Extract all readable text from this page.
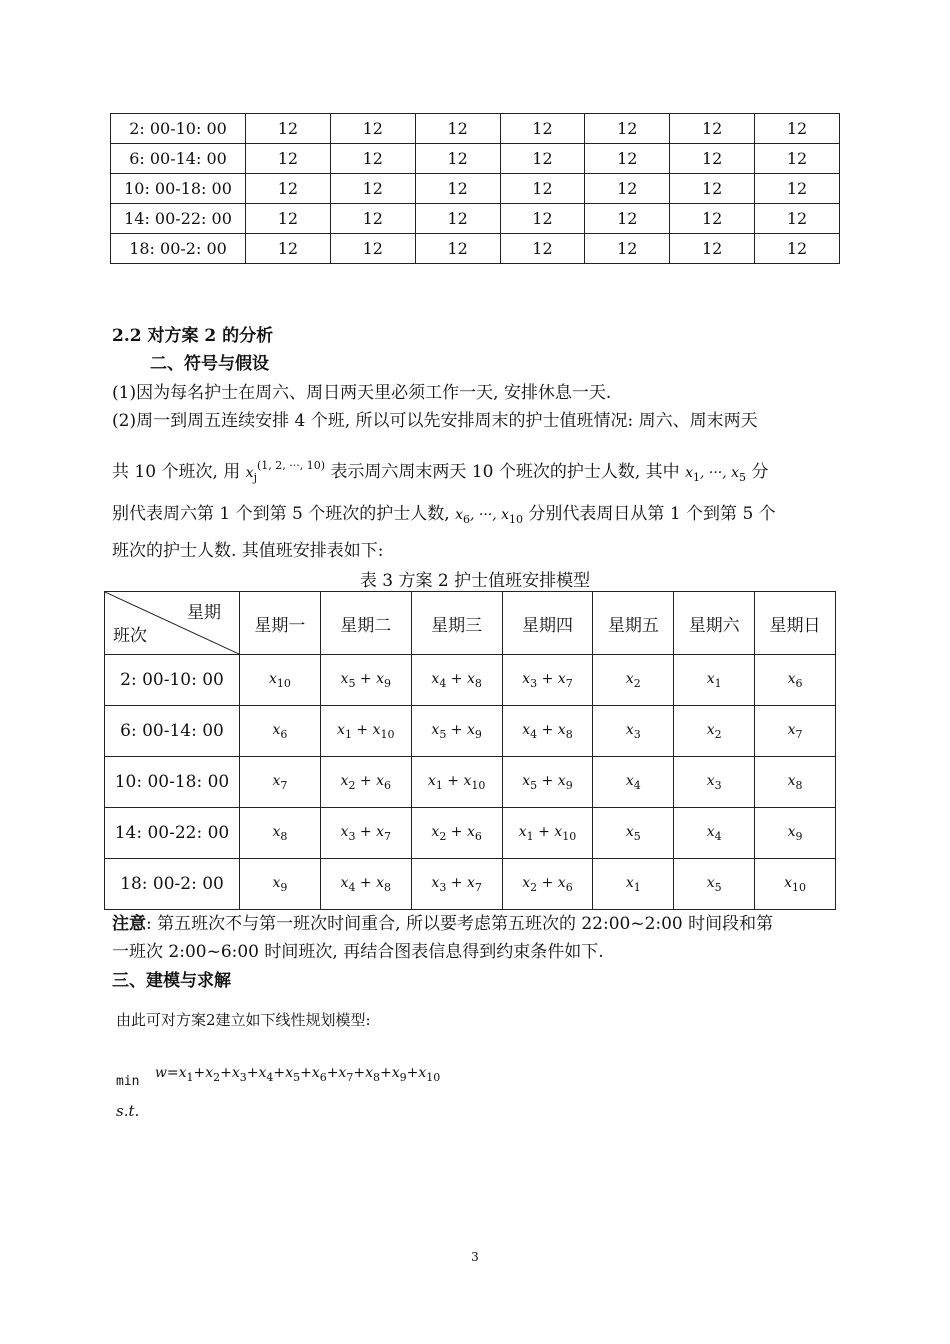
2: 00-10: 00	12	12	12	12	12	12	12
6: 00-14: 00	12	12	12	12	12	12	12
10: 00-18: 00	12	12	12	12	12	12	12
14: 00-22: 00	12	12	12	12	12	12	12
18: 00-2: 00	12	12	12	12	12	12	12
2.2 对方案 2 的分析
二、符号与假设
(1)因为每名护士在周六、周日两天里必须工作一天, 安排休息一天.
(2)周一到周五连续安排 4 个班, 所以可以先安排周末的护士值班情况: 周六、周末两天
共 10 个班次, 用 $x_j^{(1, 2, \cdot\cdot\cdot, 10)}$ 表示周六周末两天 10 个班次的护士人数, 其中 $x_1$, ···, $x_5$ 分
别代表周六第 1 个到第 5 个班次的护士人数, $x_6$, ···, $x_{10}$ 分别代表周日从第 1 个到第 5 个
班次的护士人数. 其值班安排表如下:
表 3 方案 2 护士值班安排模型
星期
班次	星期一	星期二	星期三	星期四	星期五	星期六	星期日
2: 00-10: 00	$x_{10}$	$x_5 + x_9$	$x_4 + x_8$	$x_3 + x_7$	$x_2$	$x_1$	$x_6$
6: 00-14: 00	$x_6$	$x_1 + x_{10}$	$x_5 + x_9$	$x_4 + x_8$	$x_3$	$x_2$	$x_7$
10: 00-18: 00	$x_7$	$x_2 + x_6$	$x_1 + x_{10}$	$x_5 + x_9$	$x_4$	$x_3$	$x_8$
14: 00-22: 00	$x_8$	$x_3 + x_7$	$x_2 + x_6$	$x_1 + x_{10}$	$x_5$	$x_4$	$x_9$
18: 00-2: 00	$x_9$	$x_4 + x_8$	$x_3 + x_7$	$x_2 + x_6$	$x_1$	$x_5$	$x_{10}$
注意: 第五班次不与第一班次时间重合, 所以要考虑第五班次的 22:00~2:00 时间段和第
一班次 2:00~6:00 时间班次, 再结合图表信息得到约束条件如下.
三、建模与求解
由此可对方案2建立如下线性规划模型:
$_{min}$ $w=x_1+x_2+x_3+x_4+x_5+x_6+x_7+x_8+x_9+x_{10}$
s.t.
3
